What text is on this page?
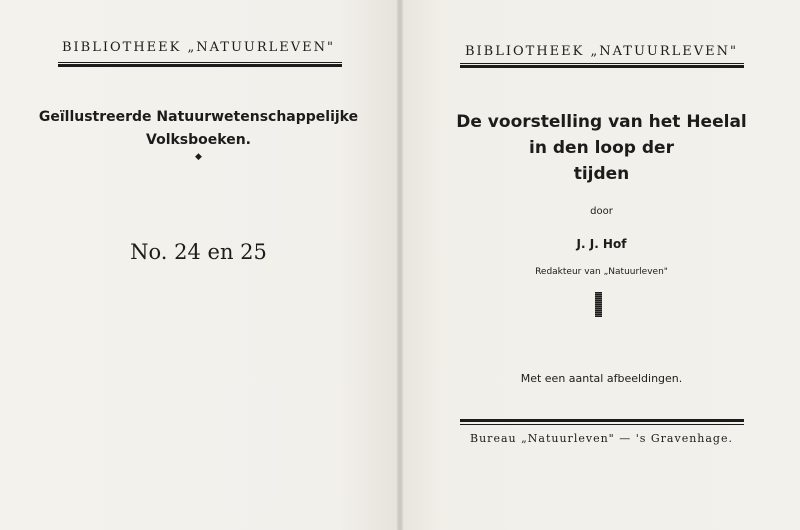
BIBLIOTHEEK „NATUURLEVEN"
Geïllustreerde Natuurwetenschappelijke
Volksboeken.
◆
No. 24 en 25
BIBLIOTHEEK „NATUURLEVEN"
De voorstelling van het Heelal
in den loop der
tijden
door
J. J. Hof
Redakteur van „Natuurleven"
Met een aantal afbeeldingen.
Bureau „Natuurleven" — 's Gravenhage.
